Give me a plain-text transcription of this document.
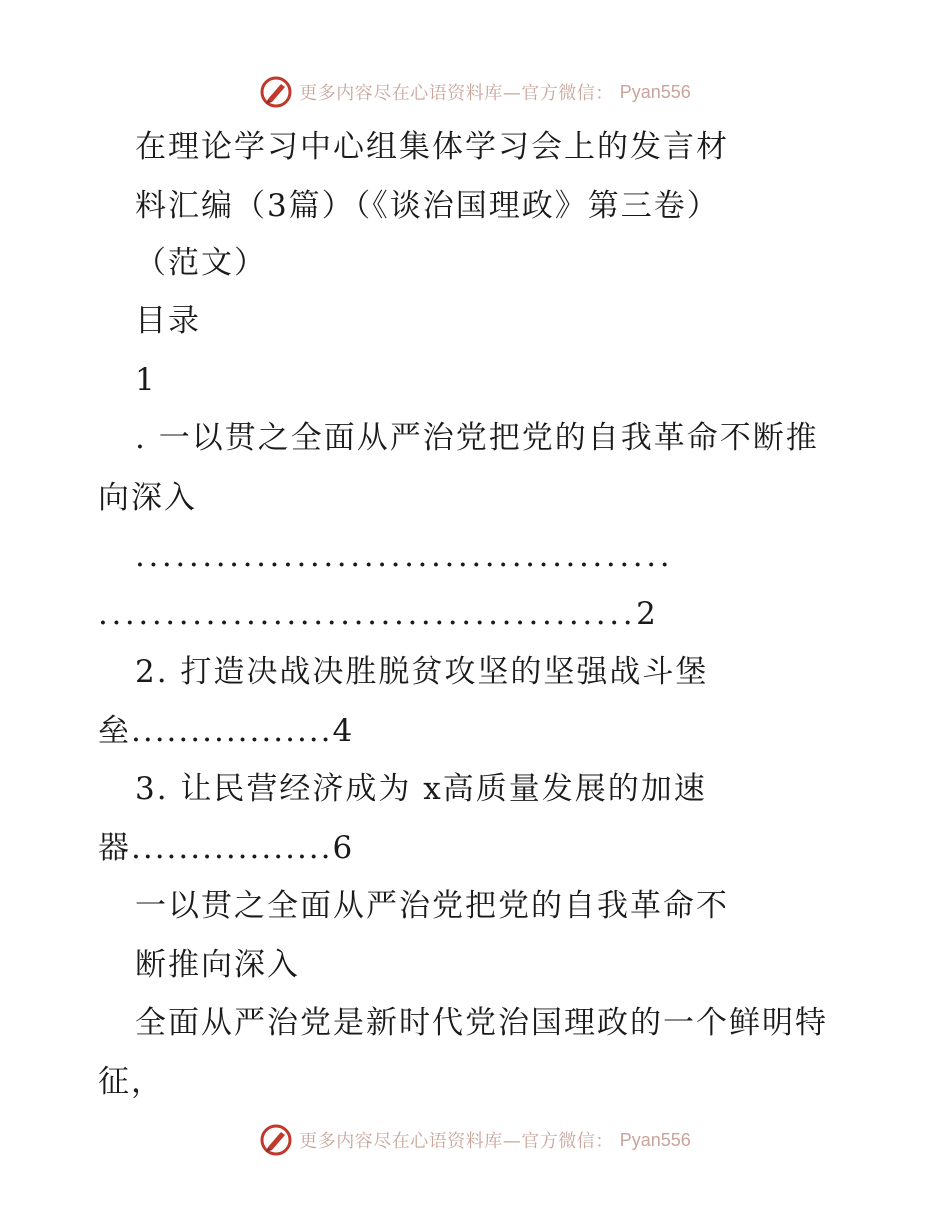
更多内容尽在心语资料库—官方微信： Pyan556
在理论学习中心组集体学习会上的发言材
料汇编（3篇）（《谈治国理政》第三卷）
（范文）
目录
1
. 一以贯之全面从严治党把党的自我革命不断推
向深入
........................................
........................................2
2. 打造决战决胜脱贫攻坚的坚强战斗堡
垒.................4
3. 让民营经济成为 x高质量发展的加速
器.................6
一以贯之全面从严治党把党的自我革命不
断推向深入
全面从严治党是新时代党治国理政的一个鲜明特
征，
更多内容尽在心语资料库—官方微信： Pyan556
